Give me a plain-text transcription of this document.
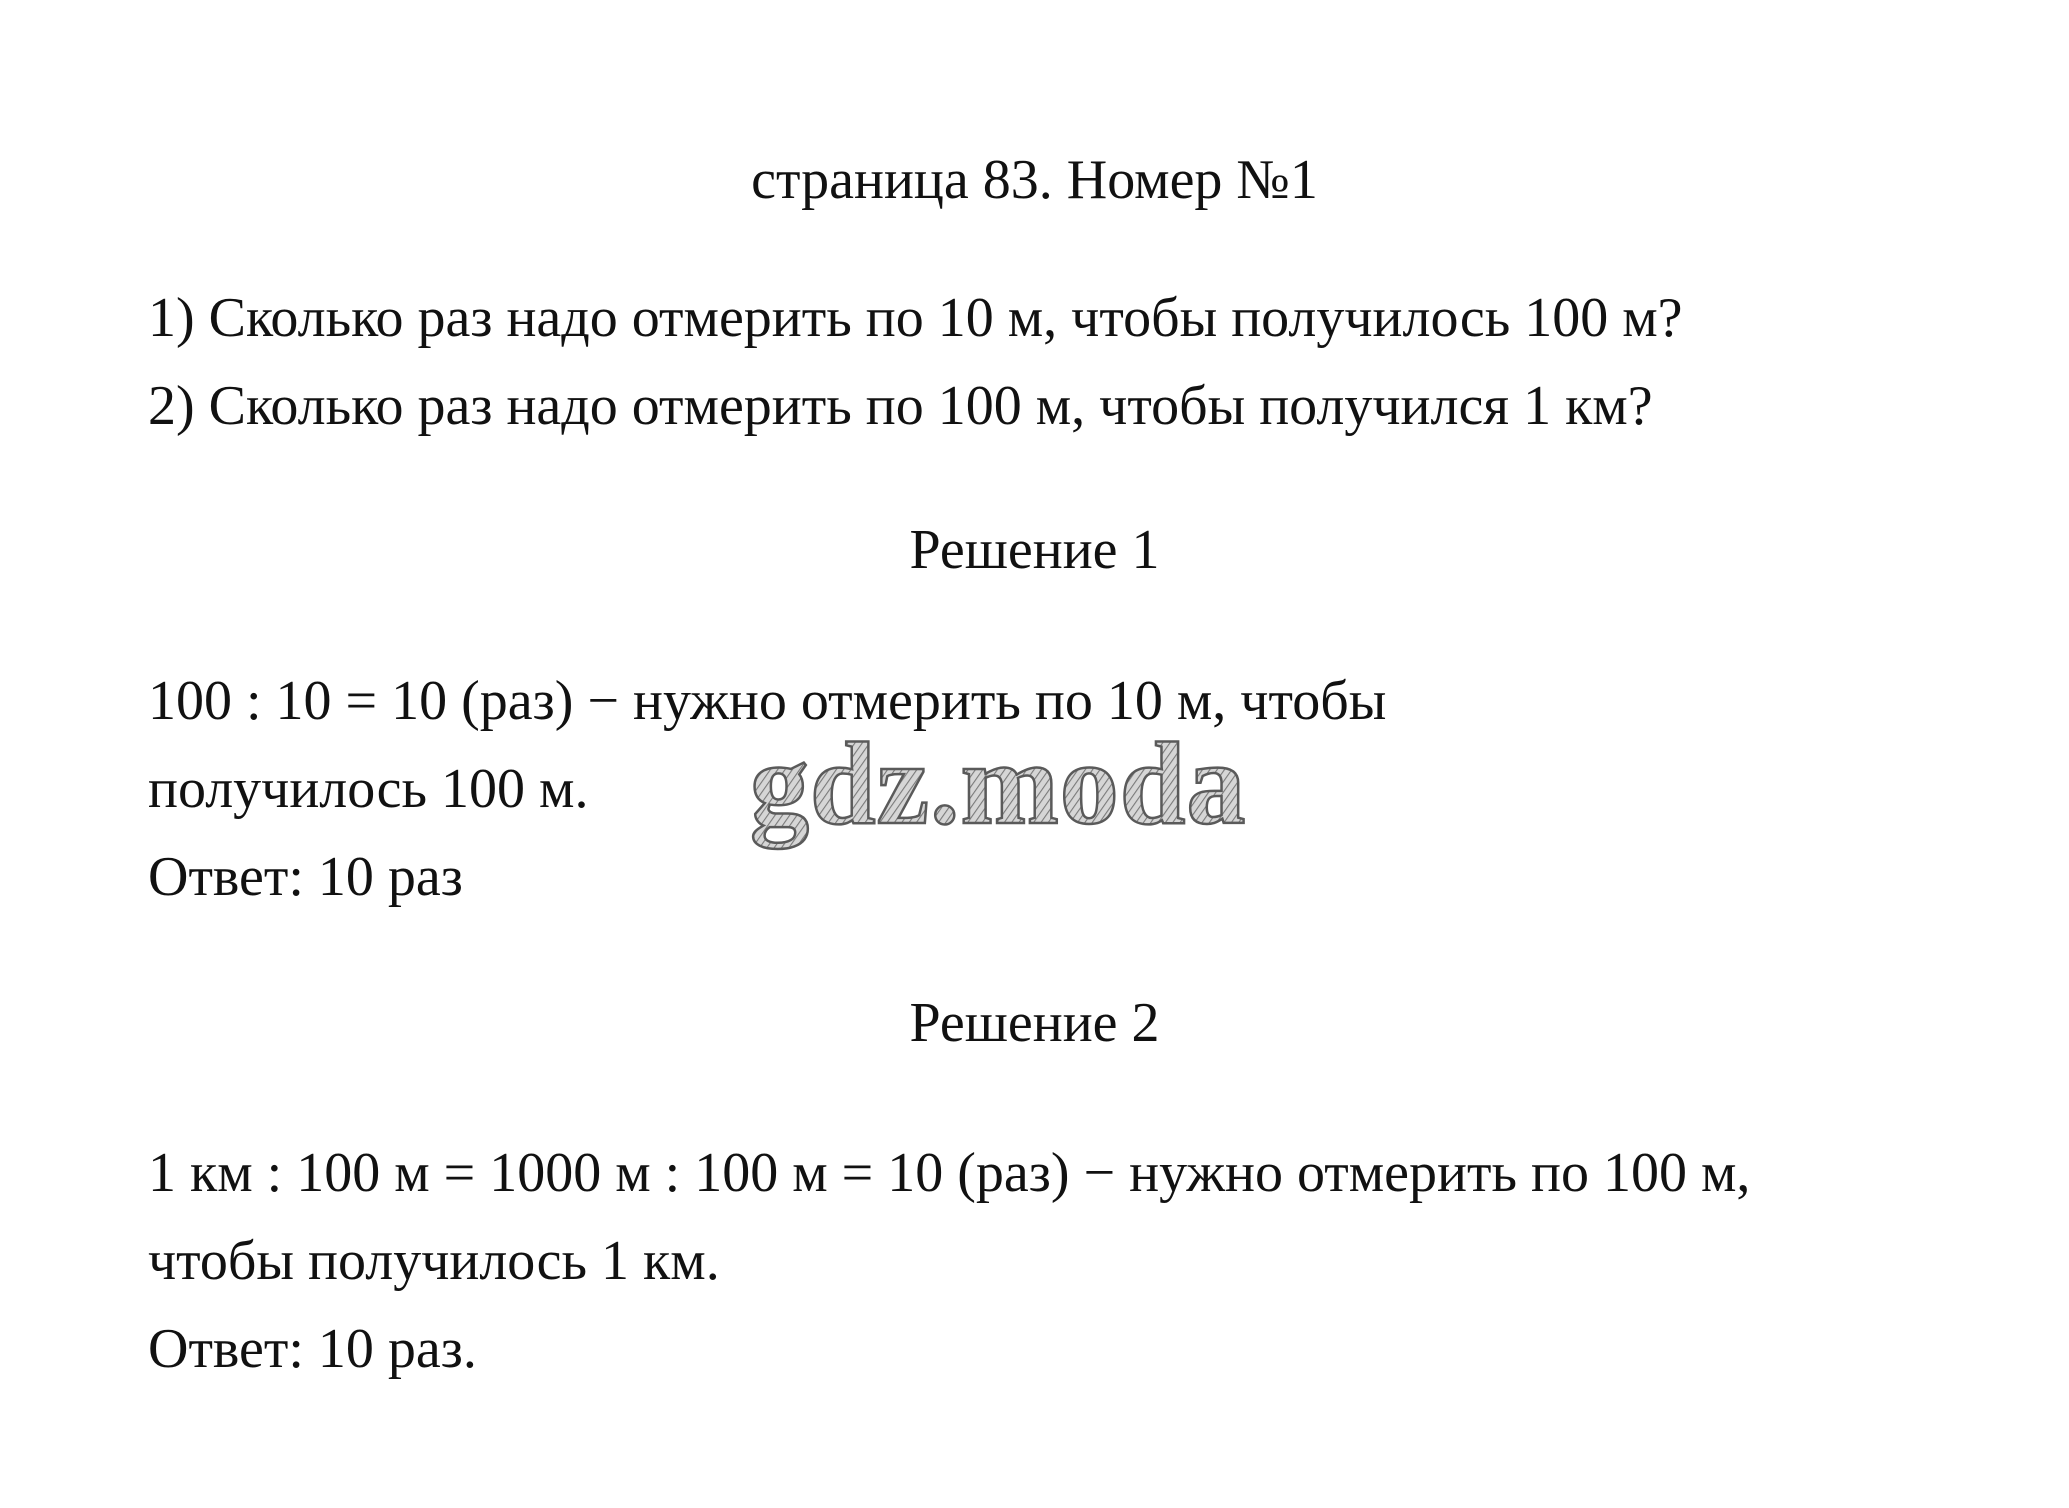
страница 83. Номер №1
1) Сколько раз надо отмерить по 10 м, чтобы получилось 100 м?
2) Сколько раз надо отмерить по 100 м, чтобы получился 1 км?
Решение 1
100 : 10 = 10 (раз) − нужно отмерить по 10 м, чтобы
получилось 100 м.
Ответ: 10 раз
Решение 2
1 км : 100 м = 1000 м : 100 м = 10 (раз) − нужно отмерить по 100 м,
чтобы получилось 1 км.
Ответ: 10 раз.
gdz.moda
